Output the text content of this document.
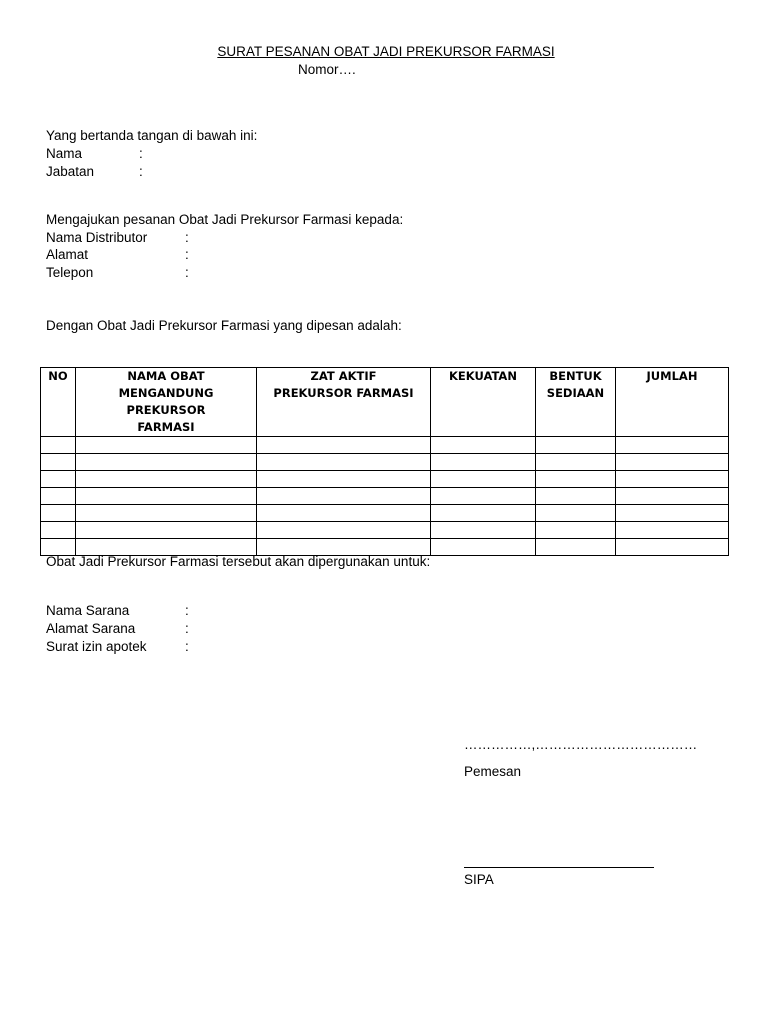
SURAT PESANAN OBAT JADI PREKURSOR FARMASI
Nomor….
Yang bertanda tangan di bawah ini:
Nama	:
Jabatan	:
Mengajukan pesanan Obat Jadi Prekursor Farmasi kepada:
Nama Distributor	:
Alamat	:
Telepon	:
Dengan Obat Jadi Prekursor Farmasi yang dipesan adalah:
NO	NAMA OBAT MENGANDUNG PREKURSOR FARMASI	ZAT AKTIF PREKURSOR FARMASI	KEKUATAN	BENTUK SEDIAAN	JUMLAH

Obat Jadi Prekursor Farmasi tersebut akan dipergunakan untuk:
Nama Sarana	:
Alamat Sarana	:
Surat izin apotek	:
……………,………………………………
Pemesan
SIPA
